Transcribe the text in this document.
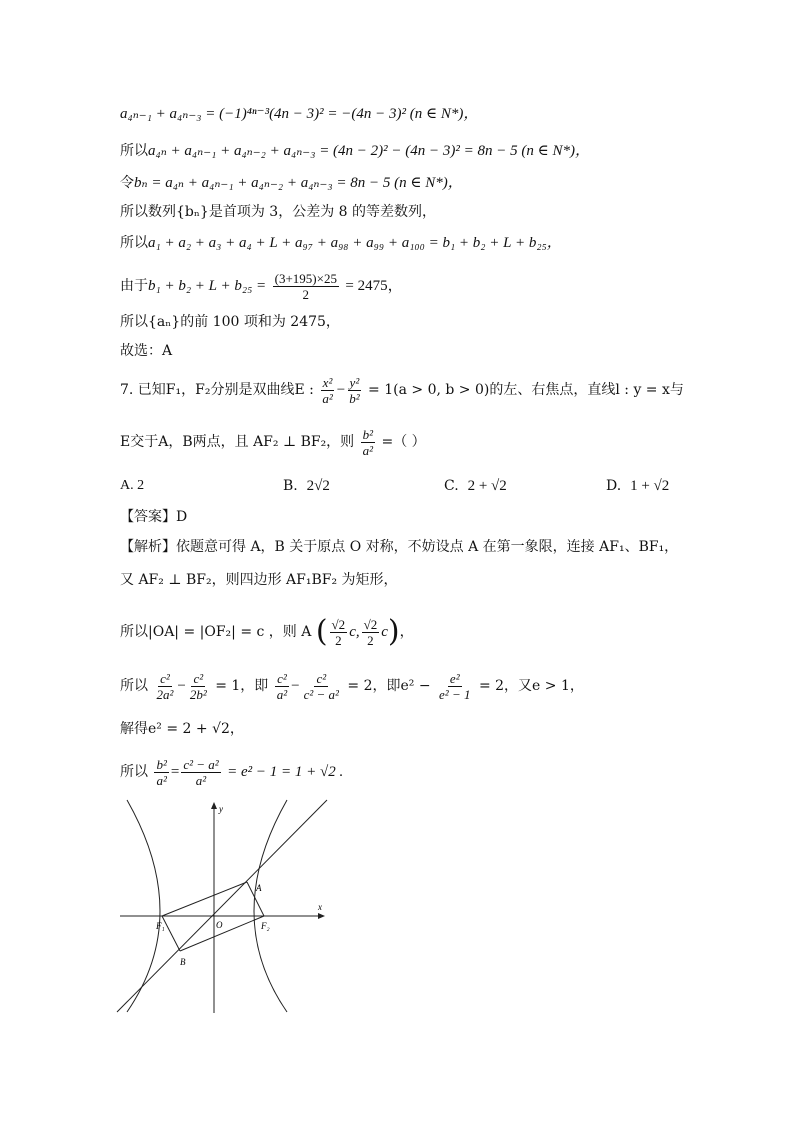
a₄ₙ₋₁ + a₄ₙ₋₃ = (−1)⁴ⁿ⁻³(4n − 3)² = −(4n − 3)² (n ∈ N*)，
所以a₄ₙ + a₄ₙ₋₁ + a₄ₙ₋₂ + a₄ₙ₋₃ = (4n − 2)² − (4n − 3)² = 8n − 5 (n ∈ N*)，
令bₙ = a₄ₙ + a₄ₙ₋₁ + a₄ₙ₋₂ + a₄ₙ₋₃ = 8n − 5 (n ∈ N*)，
所以数列{bₙ}是首项为 3，公差为 8 的等差数列，
所以a₁ + a₂ + a₃ + a₄ + L + a₉₇ + a₉₈ + a₉₉ + a₁₀₀ = b₁ + b₂ + L + b₂₅，
由于$b_1 + b_2 + L + b_{25} = \frac{(3+195)\times 25}{2} = 2475$，
所以{aₙ}的前 100 项和为 2475，
故选：A
7. 已知F₁，F₂分别是双曲线E : $\frac{\text{x²}}{\text{a²}} - \frac{\text{y²}}{\text{b²}} = 1(a > 0$, b > 0)的左、右焦点，直线l : y = x与
E交于A，B两点，且 AF₂ ⊥ BF₂，则 $\frac{\text{b²}}{\text{a²}}$ =（ ）
A. 2	B. 2√2	C. 2 + √2	D. 1 + √2
【答案】D
【解析】依题意可得 A，B 关于原点 O 对称，不妨设点 A 在第一象限，连接 AF₁、BF₁，
又 AF₂ ⊥ BF₂，则四边形 AF₁BF₂ 为矩形，
所以|OA| = |OF₂| = c ，则 A ( $\frac{√2}{2} c$, $\frac{√2}{2} c$)，
所以 $\frac{\text{c²}}{\text{2a²}} - \frac{\text{c²}}{\text{2b²}} = 1$，即 $\frac{\text{c²}}{\text{a²}} - \frac{\text{c²}}{\text{c² − a²}} = 2$，即$e^2 - \frac{\text{e²}}{\text{e² − 1}} = 2$，又e > 1，
解得e² = 2 + √2，
所以 $\frac{\text{b²}}{\text{a²}} = \frac{\text{c² − a²}}{\text{a²}} = e^2 - 1 = 1 + √2$ .
y
x
A
B
O
F₁	F₂
